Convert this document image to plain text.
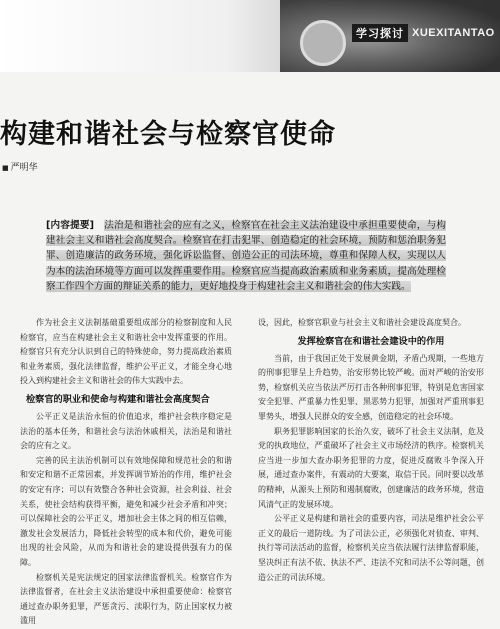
学习探讨 XUEXITANTAO
构建和谐社会与检察官使命
■ 严明华
[内容提要] 法治是和谐社会的应有之义，检察官在社会主义法治建设中承担重要使命，与构建社会主义和谐社会高度契合。检察官在打击犯罪、创造稳定的社会环境，预防和惩治职务犯罪、创造廉洁的政务环境，强化诉讼监督、创造公正的司法环境，尊重和保障人权，实现以人为本的法治环境等方面可以发挥重要作用。检察官应当提高政治素质和业务素质，提高处理检察工作四个方面的辩证关系的能力，更好地投身于构建社会主义和谐社会的伟大实践。

作为社会主义法制基础重要组成部分的检察制度和人民检察官，应当在构建社会主义和谐社会中发挥重要的作用。检察官只有充分认识到自己的特殊使命，努力提高政治素质和业务素质，强化法律监督，维护公平正义，才能全身心地投入到构建社会主义和谐社会的伟大实践中去。

检察官的职业和使命与构建和谐社会高度契合

公平正义是法治永恒的价值追求，维护社会秩序稳定是法治的基本任务，和谐社会与法治休戚相关，法治是和谐社会的应有之义。

完善的民主法治机制可以有效地保障和规范社会的和谐和安定和谐不正常因素，并发挥调节矫治的作用，维护社会的安定有序；可以有效整合各种社会资源，社会利益、社会关系，使社会结构获得平衡，避免和减少社会矛盾和冲突；可以保障社会的公平正义，增加社会主体之间的相互信赖，激发社会发展活力，降低社会转型的成本和代价，避免可能出现的社会风险，从而为和谐社会的建设提供强有力的保障。

检察机关是宪法规定的国家法律监督机关。检察官作为法律监督者，在社会主义法治建设中承担重要使命：检察官通过查办职务犯罪，严惩贪污、渎职行为，防止国家权力被滥用

设，因此，检察官职业与社会主义和谐社会建设高度契合。

发挥检察官在和谐社会建设中的作用

当前，由于我国正处于发展黄金期，矛盾凸现期，一些地方的刑事犯罪呈上升趋势，治安形势比较严峻。面对严峻的治安形势，检察机关应当依法严厉打击各种刑事犯罪，特别是危害国家安全犯罪、严重暴力性犯罪、黑恶势力犯罪，加强对严重刑事犯罪势头，增强人民群众的安全感，创造稳定的社会环境。

职务犯罪影响国家的长治久安，破坏了社会主义法制，危及党的执政地位，严重破坏了社会主义市场经济的秩序。检察机关应当进一步加大查办职务犯罪的力度，促进反腐败斗争深入开展，通过查办案件，有震动的大要案，取信于民。同时要以改革的精神，从源头上预防和遏制腐败，创建廉洁的政务环境，营造风清气正的发展环境。

公平正义是构建和谐社会的重要内容，司法是维护社会公平正义的最后一道防线。为了司法公正，必须强化对侦查、审判、执行等司法活动的监督，检察机关应当依法履行法律监督职能，坚决纠正有法不依、执法不严、违法不究和司法不公等问题，创造公正的司法环境。
